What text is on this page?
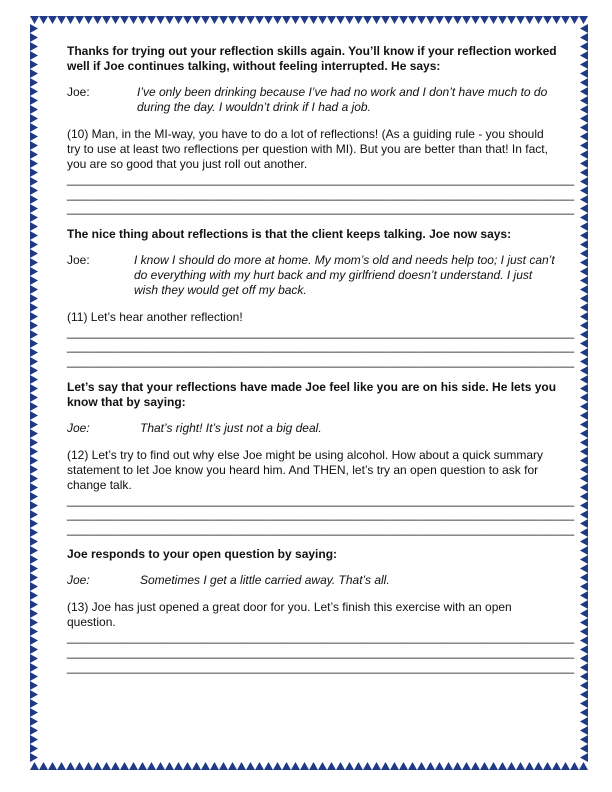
Thanks for trying out your reflection skills again. You’ll know if your reflection worked well if Joe continues talking, without feeling interrupted. He says:

Joe:	I’ve only been drinking because I’ve had no work and I don’t have much to do during the day. I wouldn’t drink if I had a job.

(10) Man, in the MI-way, you have to do a lot of reflections! (As a guiding rule - you should try to use at least two reflections per question with MI). But you are better than that! In fact, you are so good that you just roll out another.

____________________________________________________________________________
____________________________________________________________________________
____________________________________________________________________________

The nice thing about reflections is that the client keeps talking. Joe now says:

Joe:	I know I should do more at home. My mom’s old and needs help too; I just can’t do everything with my hurt back and my girlfriend doesn’t understand. I just wish they would get off my back.

(11) Let’s hear another reflection!

____________________________________________________________________________
____________________________________________________________________________
____________________________________________________________________________

Let’s say that your reflections have made Joe feel like you are on his side. He lets you know that by saying:

Joe:	That’s right! It’s just not a big deal.

(12) Let’s try to find out why else Joe might be using alcohol. How about a quick summary statement to let Joe know you heard him. And THEN, let’s try an open question to ask for change talk.

____________________________________________________________________________
____________________________________________________________________________
____________________________________________________________________________

Joe responds to your open question by saying:

Joe:	Sometimes I get a little carried away. That’s all.

(13) Joe has just opened a great door for you. Let’s finish this exercise with an open question.

____________________________________________________________________________
____________________________________________________________________________
____________________________________________________________________________
